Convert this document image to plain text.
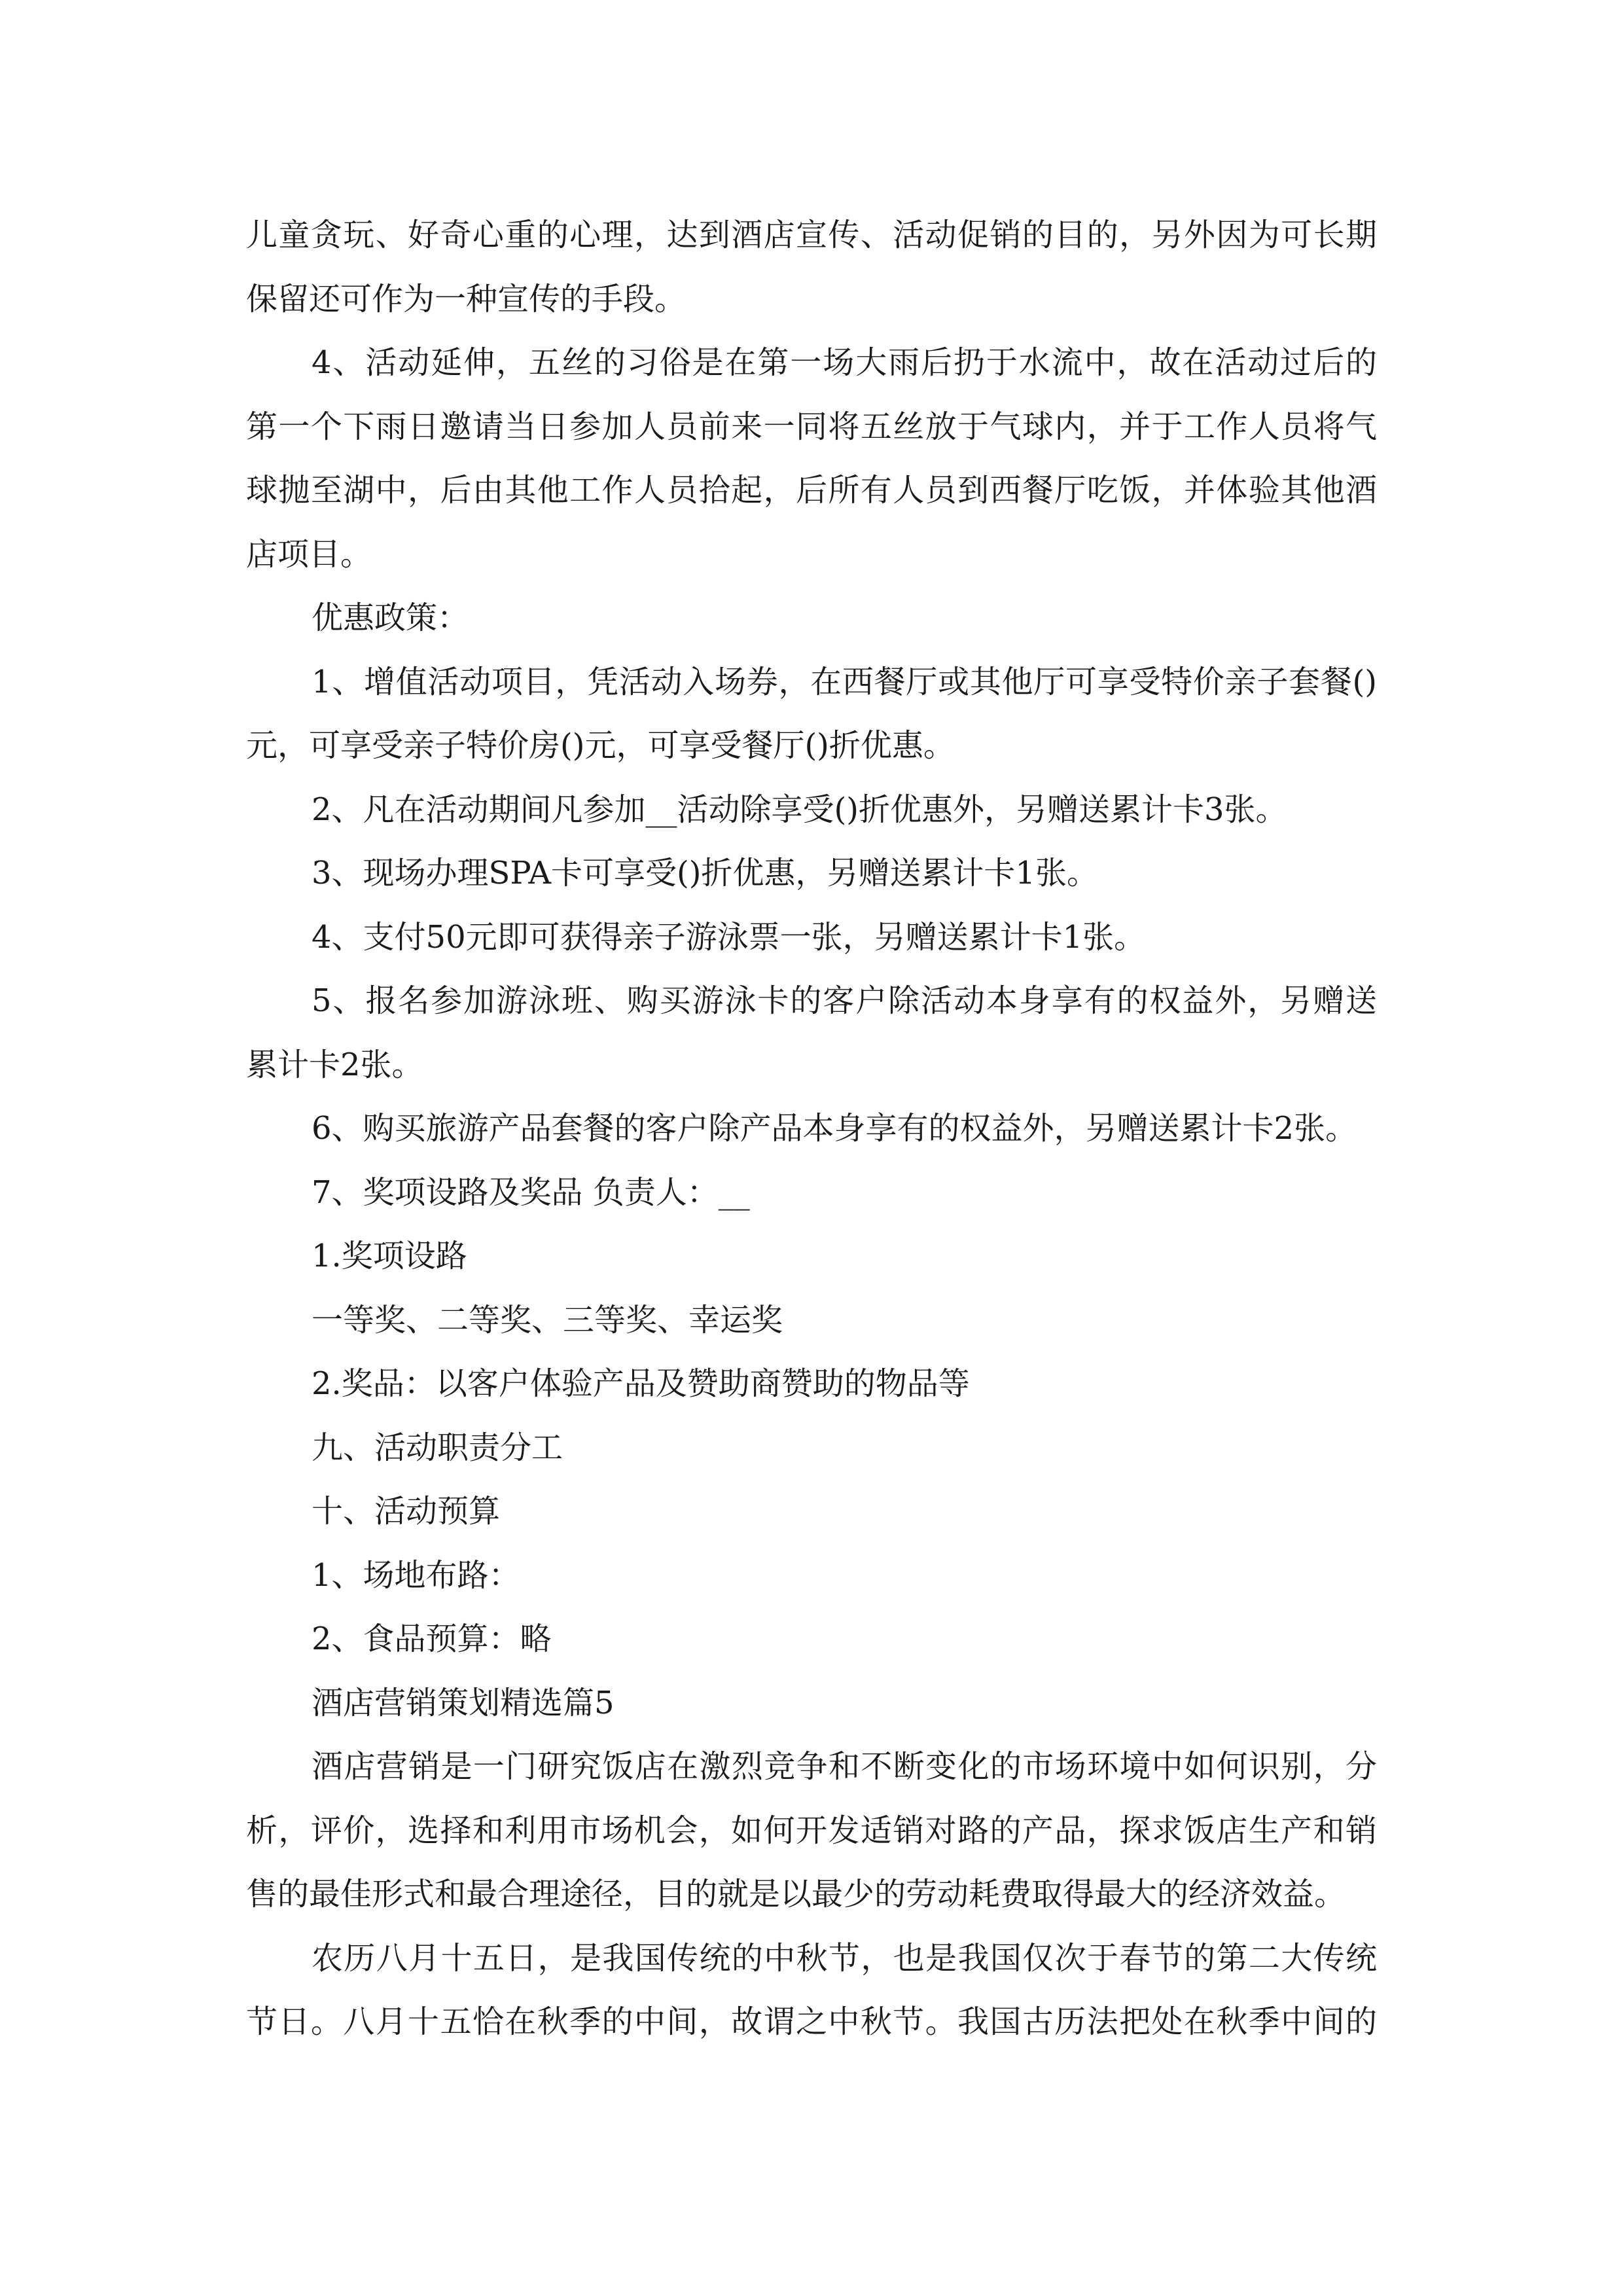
儿童贪玩、好奇心重的心理，达到酒店宣传、活动促销的目的，另外因为可长期
保留还可作为一种宣传的手段。
4、活动延伸，五丝的习俗是在第一场大雨后扔于水流中，故在活动过后的
第一个下雨日邀请当日参加人员前来一同将五丝放于气球内，并于工作人员将气
球抛至湖中，后由其他工作人员拾起，后所有人员到西餐厅吃饭，并体验其他酒
店项目。
优惠政策：
1、增值活动项目，凭活动入场券，在西餐厅或其他厅可享受特价亲子套餐()
元，可享受亲子特价房()元，可享受餐厅()折优惠。
2、凡在活动期间凡参加__活动除享受()折优惠外，另赠送累计卡3张。
3、现场办理SPA卡可享受()折优惠，另赠送累计卡1张。
4、支付50元即可获得亲子游泳票一张，另赠送累计卡1张。
5、报名参加游泳班、购买游泳卡的客户除活动本身享有的权益外，另赠送
累计卡2张。
6、购买旅游产品套餐的客户除产品本身享有的权益外，另赠送累计卡2张。
7、奖项设路及奖品 负责人：__
1.奖项设路
一等奖、二等奖、三等奖、幸运奖
2.奖品：以客户体验产品及赞助商赞助的物品等
九、活动职责分工
十、活动预算
1、场地布路：
2、食品预算：略
酒店营销策划精选篇5
酒店营销是一门研究饭店在激烈竞争和不断变化的市场环境中如何识别，分
析，评价，选择和利用市场机会，如何开发适销对路的产品，探求饭店生产和销
售的最佳形式和最合理途径，目的就是以最少的劳动耗费取得最大的经济效益。
农历八月十五日，是我国传统的中秋节，也是我国仅次于春节的第二大传统
节日。八月十五恰在秋季的中间，故谓之中秋节。我国古历法把处在秋季中间的
